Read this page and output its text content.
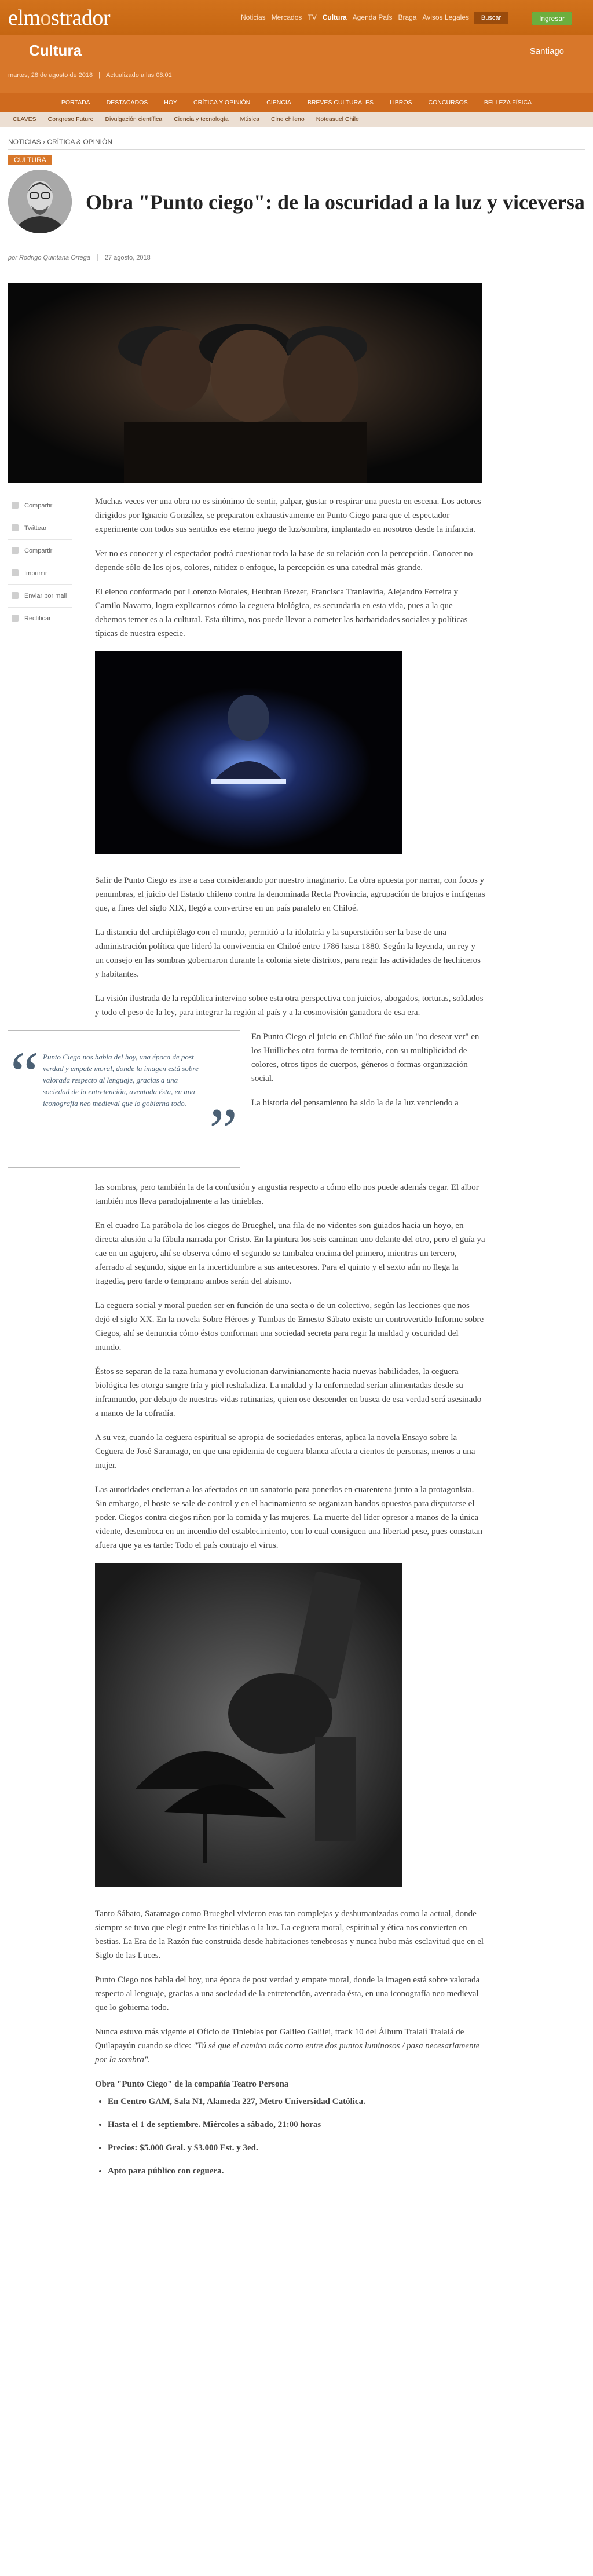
elmostrador	Noticias Mercados TV Cultura Agenda País Braga Avisos Legales	Buscar	Ingresar
Cultura	Santiago
martes, 28 de agosto de 2018 | Actualizado a las 08:01
PORTADA	DESTACADOS	HOY	CRÍTICA Y OPINIÓN	CIENCIA	BREVES CULTURALES	LIBROS	CONCURSOS	BELLEZA FÍSICA
CLAVES	Congreso Futuro	Divulgación científica	Ciencia y tecnología	Música	Cine chileno	Noteasuel Chile
NOTICIAS › CRÍTICA & OPINIÓN
CULTURA
Obra "Punto ciego": de la oscuridad a la luz y viceversa
por Rodrigo Quintana Ortega 27 agosto, 2018
Compartir
Twittear
Compartir
Imprimir
Enviar por mail
Rectificar

Muchas veces ver una obra no es sinónimo de sentir, palpar, gustar o respirar una puesta en escena. Los actores dirigidos por Ignacio González, se preparaton exhaustivamente en Punto Ciego para que el espectador experimente con todos sus sentidos ese eterno juego de luz/sombra, implantado en nosotros desde la infancia.

Ver no es conocer y el espectador podrá cuestionar toda la base de su relación con la percepción. Conocer no depende sólo de los ojos, colores, nitidez o enfoque, la percepción es una catedral más grande.

El elenco conformado por Lorenzo Morales, Heubran Brezer, Francisca Tranlaviña, Alejandro Ferreira y Camilo Navarro, logra explicarnos cómo la ceguera biológica, es secundaria en esta vida, pues a la que debemos temer es a la cultural. Esta última, nos puede llevar a cometer las barbaridades sociales y políticas típicas de nuestra especie.

Salir de Punto Ciego es irse a casa considerando por nuestro imaginario. La obra apuesta por narrar, con focos y penumbras, el juicio del Estado chileno contra la denominada Recta Provincia, agrupación de brujos e indígenas que, a fines del siglo XIX, llegó a convertirse en un país paralelo en Chiloé.

La distancia del archipiélago con el mundo, permitió a la idolatría y la superstición ser la base de una administración política que lideró la convivencia en Chiloé entre 1786 hasta 1880. Según la leyenda, un rey y un consejo en las sombras gobernaron durante la colonia siete distritos, para regir las actividades de hechiceros y habitantes.

La visión ilustrada de la república intervino sobre esta otra perspectiva con juicios, abogados, torturas, soldados y todo el peso de la ley, para integrar la región al país y a la cosmovisión ganadora de esa era.

“ Punto Ciego nos habla del hoy, una época de post verdad y empate moral, donde la imagen está sobre valorada respecto al lenguaje, gracias a una sociedad de la entretención, aventada ésta, en una iconografía neo medieval que lo gobierna todo. ”

En Punto Ciego el juicio en Chiloé fue sólo un "no desear ver" en los Huilliches otra forma de territorio, con su multiplicidad de colores, otros tipos de cuerpos, géneros o formas organización social.

La historia del pensamiento ha sido la de la luz venciendo a

las sombras, pero también la de la confusión y angustia respecto a cómo ello nos puede además cegar. El albor también nos lleva paradojalmente a las tinieblas.

En el cuadro La parábola de los ciegos de Brueghel, una fila de no videntes son guiados hacia un hoyo, en directa alusión a la fábula narrada por Cristo. En la pintura los seis caminan uno delante del otro, pero el guía ya cae en un agujero, ahí se observa cómo el segundo se tambalea encima del primero, mientras un tercero, aferrado al segundo, sigue en la incertidumbre a sus antecesores. Para el quinto y el sexto aún no llega la tragedia, pero tarde o temprano ambos serán del abismo.

La ceguera social y moral pueden ser en función de una secta o de un colectivo, según las lecciones que nos dejó el siglo XX. En la novela Sobre Héroes y Tumbas de Ernesto Sábato existe un controvertido Informe sobre Ciegos, ahí se denuncia cómo éstos conforman una sociedad secreta para regir la maldad y oscuridad del mundo.

Éstos se separan de la raza humana y evolucionan darwinianamente hacia nuevas habilidades, la ceguera biológica les otorga sangre fría y piel reshaladiza. La maldad y la enfermedad serían alimentadas desde su inframundo, por debajo de nuestras vidas rutinarias, quien ose descender en busca de esa verdad será asesinado a manos de la cofradía.

A su vez, cuando la ceguera espiritual se apropia de sociedades enteras, aplica la novela Ensayo sobre la Ceguera de José Saramago, en que una epidemia de ceguera blanca afecta a cientos de personas, menos a una mujer.

Las autoridades encierran a los afectados en un sanatorio para ponerlos en cuarentena junto a la protagonista. Sin embargo, el boste se sale de control y en el hacinamiento se organizan bandos opuestos para disputarse el poder. Ciegos contra ciegos riñen por la comida y las mujeres. La muerte del líder opresor a manos de la única vidente, desemboca en un incendio del establecimiento, con lo cual consiguen una libertad pese, pues constatan afuera que ya es tarde: Todo el país contrajo el virus.

Tanto Sábato, Saramago como Brueghel vivieron eras tan complejas y deshumanizadas como la actual, donde siempre se tuvo que elegir entre las tinieblas o la luz. La ceguera moral, espiritual y ética nos convierten en bestias. La Era de la Razón fue construida desde habitaciones tenebrosas y nunca hubo más esclavitud que en el Siglo de las Luces.

Punto Ciego nos habla del hoy, una época de post verdad y empate moral, donde la imagen está sobre valorada respecto al lenguaje, gracias a una sociedad de la entretención, aventada ésta, en una iconografía neo medieval que lo gobierna todo.

Nunca estuvo más vigente el Oficio de Tinieblas por Galileo Galilei, track 10 del Álbum Tralalí Tralalá de Quilapayún cuando se dice: "Tú sé que el camino más corto entre dos puntos luminosos / pasa necesariamente por la sombra".

Obra "Punto Ciego" de la compañía Teatro Persona
• En Centro GAM, Sala N1, Alameda 227, Metro Universidad Católica.
• Hasta el 1 de septiembre. Miércoles a sábado, 21:00 horas
• Precios: $5.000 Gral. y $3.000 Est. y 3ed.
• Apto para público con ceguera.
